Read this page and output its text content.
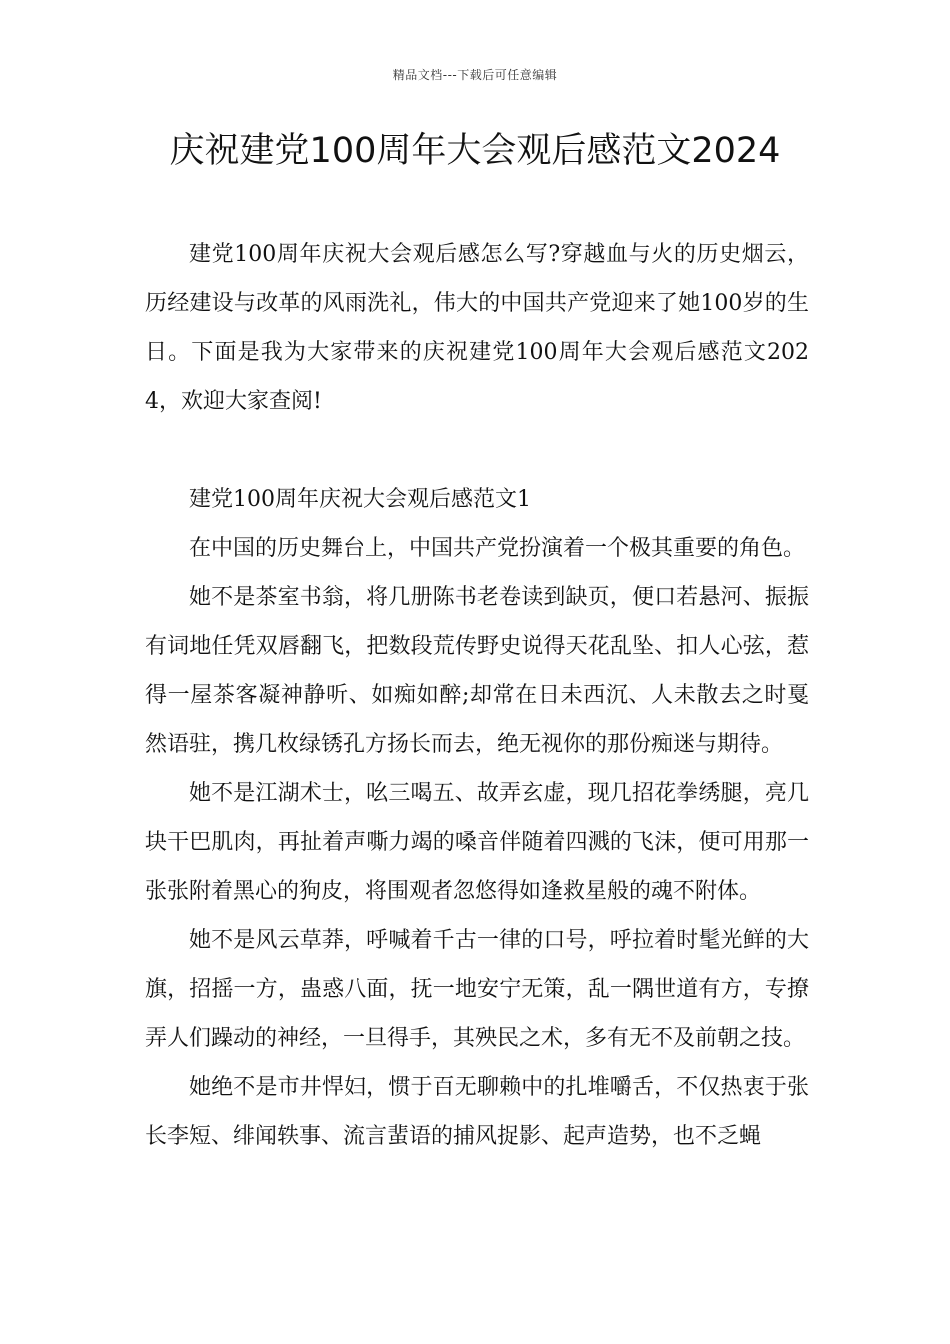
精品文档---下载后可任意编辑
庆祝建党100周年大会观后感范文2024

建党100周年庆祝大会观后感怎么写?穿越血与火的历史烟云，历经建设与改革的风雨洗礼，伟大的中国共产党迎来了她100岁的生日。下面是我为大家带来的庆祝建党100周年大会观后感范文2024，欢迎大家查阅!

建党100周年庆祝大会观后感范文1

在中国的历史舞台上，中国共产党扮演着一个极其重要的角色。

她不是茶室书翁，将几册陈书老卷读到缺页，便口若悬河、振振有词地任凭双唇翻飞，把数段荒传野史说得天花乱坠、扣人心弦，惹得一屋茶客凝神静听、如痴如醉;却常在日未西沉、人未散去之时戛然语驻，携几枚绿锈孔方扬长而去，绝无视你的那份痴迷与期待。

她不是江湖术士，吆三喝五、故弄玄虚，现几招花拳绣腿，亮几块干巴肌肉，再扯着声嘶力竭的嗓音伴随着四溅的飞沫，便可用那一张张附着黑心的狗皮，将围观者忽悠得如逢救星般的魂不附体。

她不是风云草莽，呼喊着千古一律的口号，呼拉着时髦光鲜的大旗，招摇一方，蛊惑八面，抚一地安宁无策，乱一隅世道有方，专撩弄人们躁动的神经，一旦得手，其殃民之术，多有无不及前朝之技。

她绝不是市井悍妇，惯于百无聊赖中的扎堆嚼舌，不仅热衷于张长李短、绯闻轶事、流言蜚语的捕风捉影、起声造势，也不乏蝇
